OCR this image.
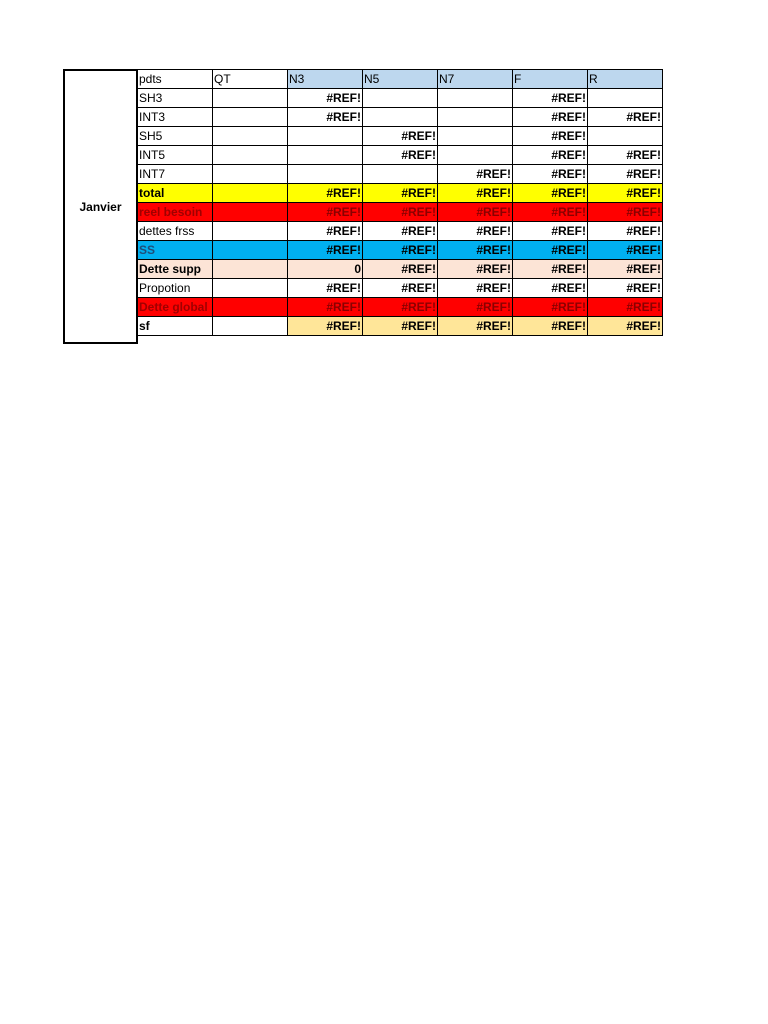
Janvier
pdts	QT	N3	N5	N7	F	R
SH3		#REF!			#REF!	
INT3		#REF!			#REF!	#REF!
SH5			#REF!		#REF!	
INT5			#REF!		#REF!	#REF!
INT7				#REF!	#REF!	#REF!
total		#REF!	#REF!	#REF!	#REF!	#REF!
reel besoin		#REF!	#REF!	#REF!	#REF!	#REF!
dettes frss		#REF!	#REF!	#REF!	#REF!	#REF!
SS		#REF!	#REF!	#REF!	#REF!	#REF!
Dette supp		0	#REF!	#REF!	#REF!	#REF!
Propotion		#REF!	#REF!	#REF!	#REF!	#REF!
Dette global		#REF!	#REF!	#REF!	#REF!	#REF!
sf		#REF!	#REF!	#REF!	#REF!	#REF!
